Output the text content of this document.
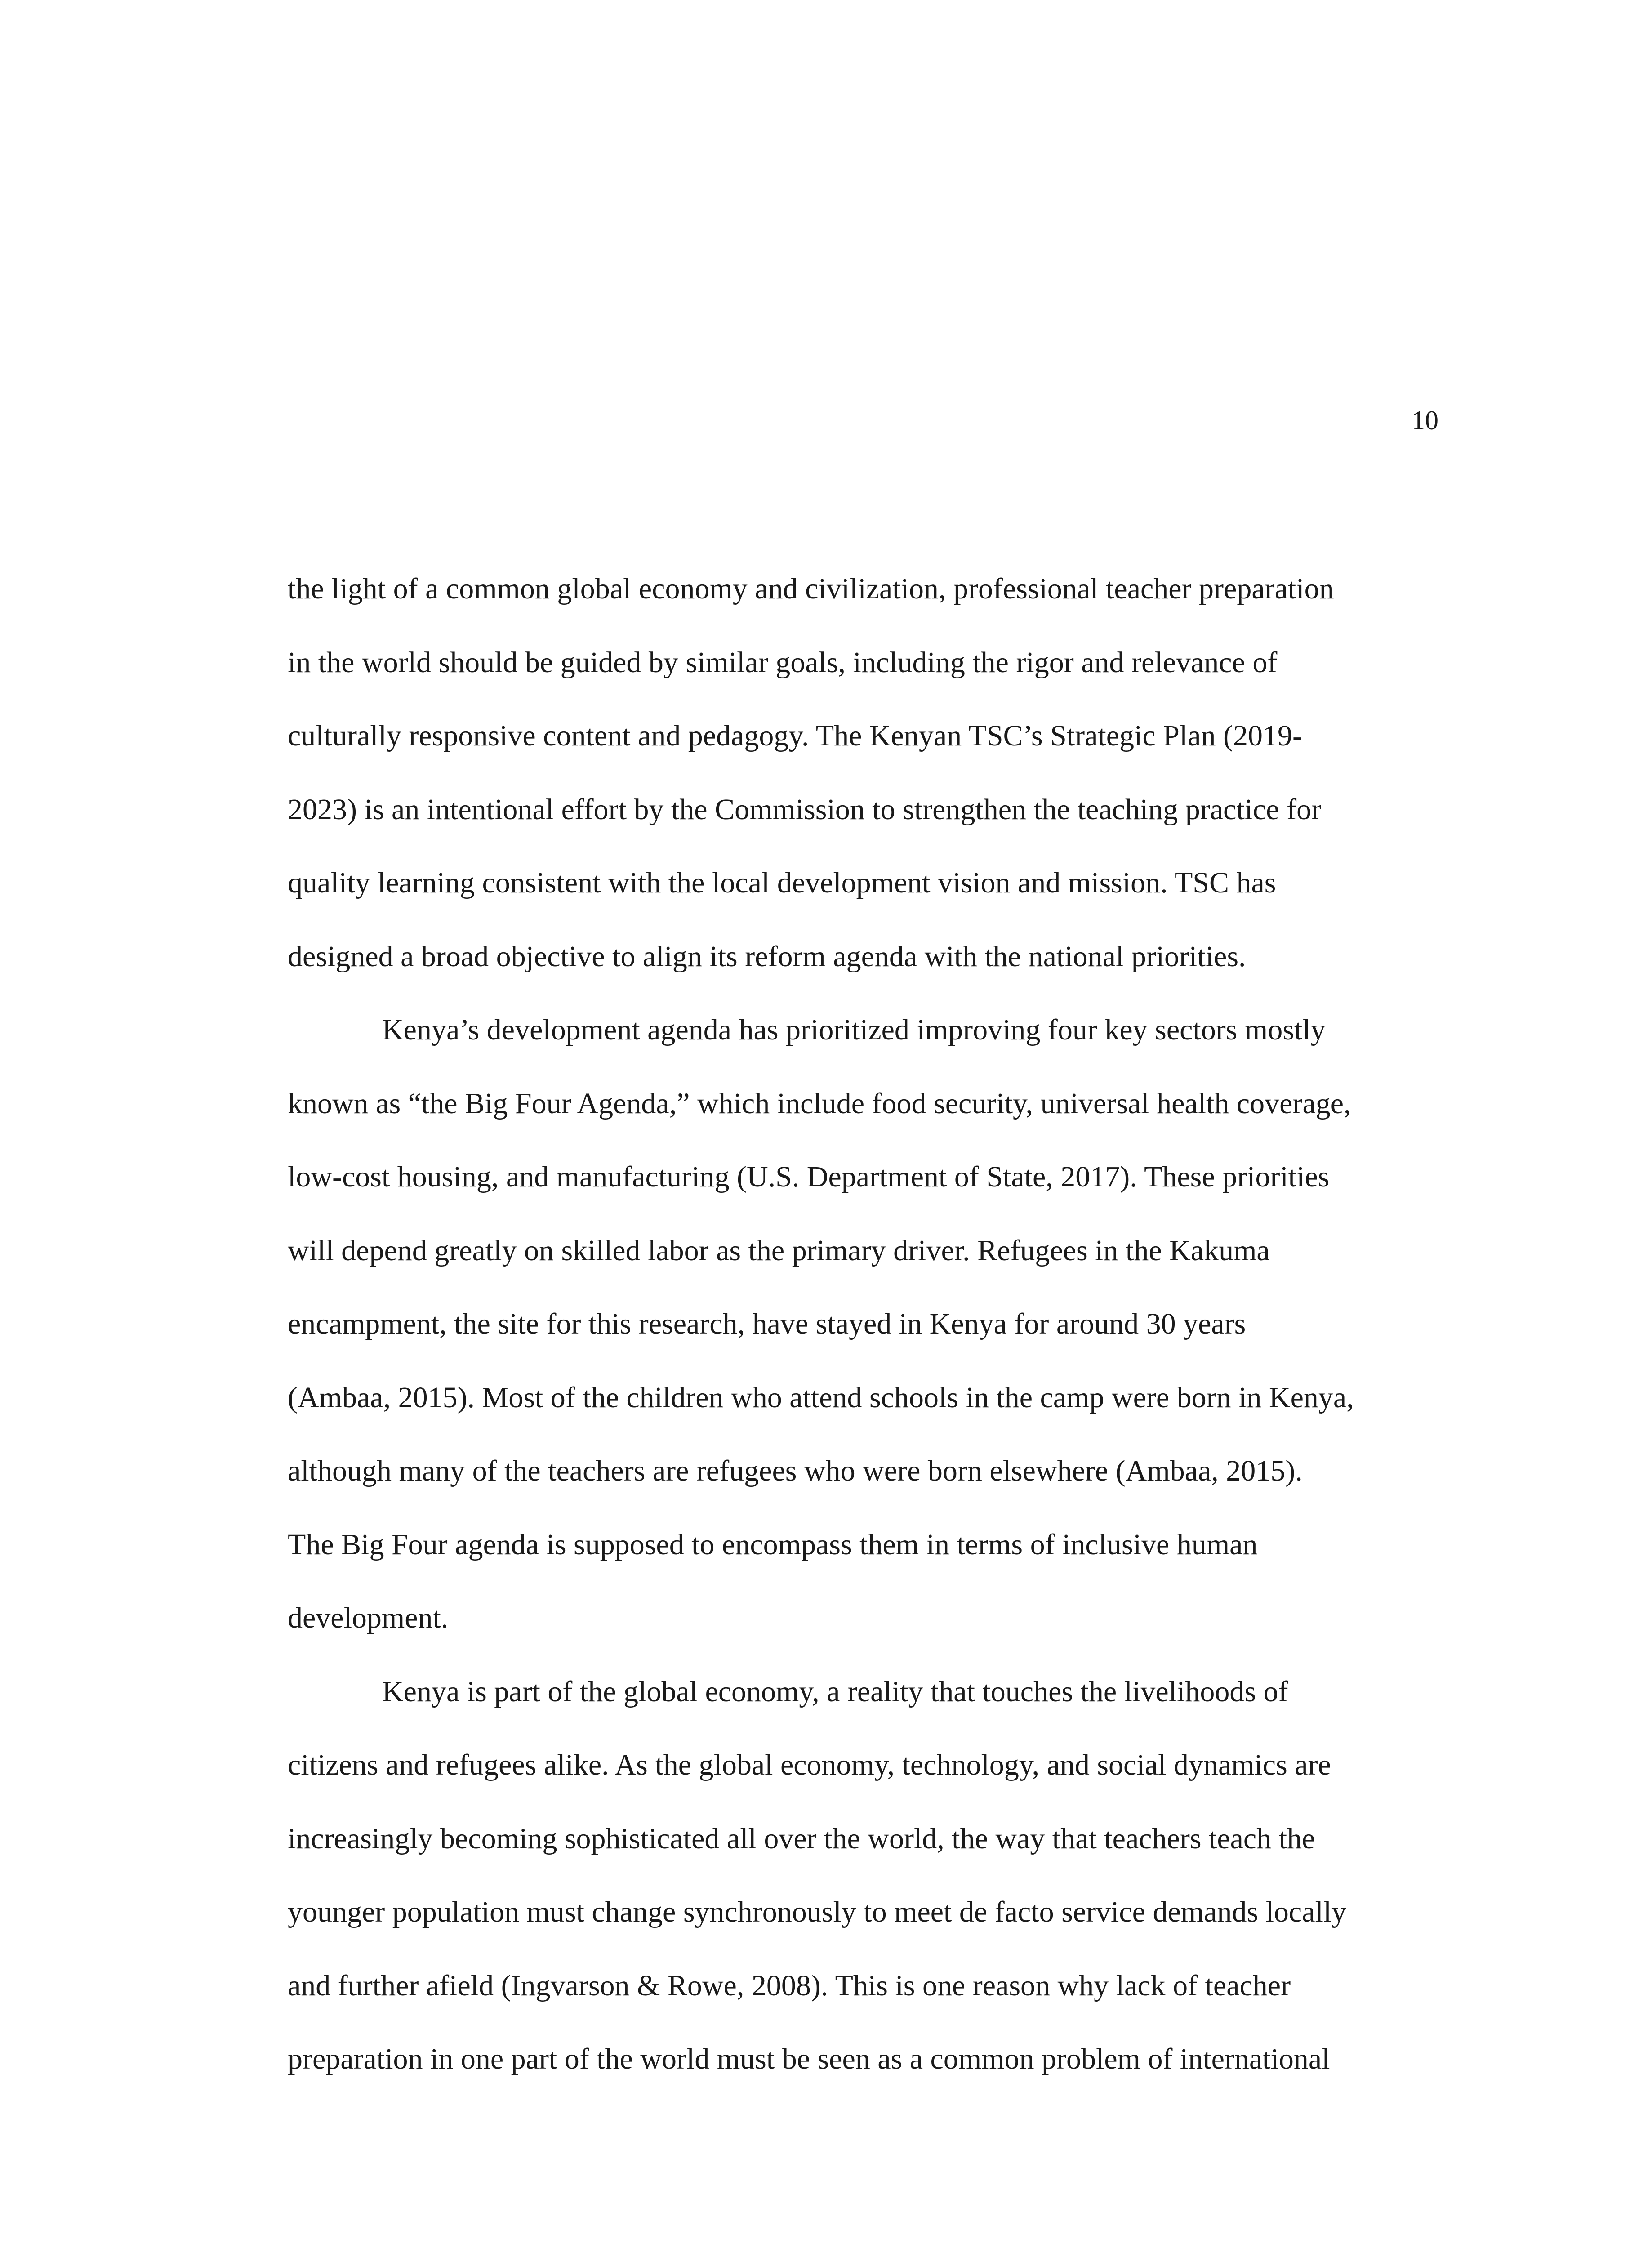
10
the light of a common global economy and civilization, professional teacher preparation
in the world should be guided by similar goals, including the rigor and relevance of
culturally responsive content and pedagogy. The Kenyan TSC’s Strategic Plan (2019-
2023) is an intentional effort by the Commission to strengthen the teaching practice for
quality learning consistent with the local development vision and mission. TSC has
designed a broad objective to align its reform agenda with the national priorities.
Kenya’s development agenda has prioritized improving four key sectors mostly
known as “the Big Four Agenda,” which include food security, universal health coverage,
low-cost housing, and manufacturing (U.S. Department of State, 2017). These priorities
will depend greatly on skilled labor as the primary driver. Refugees in the Kakuma
encampment, the site for this research, have stayed in Kenya for around 30 years
(Ambaa, 2015). Most of the children who attend schools in the camp were born in Kenya,
although many of the teachers are refugees who were born elsewhere (Ambaa, 2015).
The Big Four agenda is supposed to encompass them in terms of inclusive human
development.
Kenya is part of the global economy, a reality that touches the livelihoods of
citizens and refugees alike. As the global economy, technology, and social dynamics are
increasingly becoming sophisticated all over the world, the way that teachers teach the
younger population must change synchronously to meet de facto service demands locally
and further afield (Ingvarson & Rowe, 2008). This is one reason why lack of teacher
preparation in one part of the world must be seen as a common problem of international
